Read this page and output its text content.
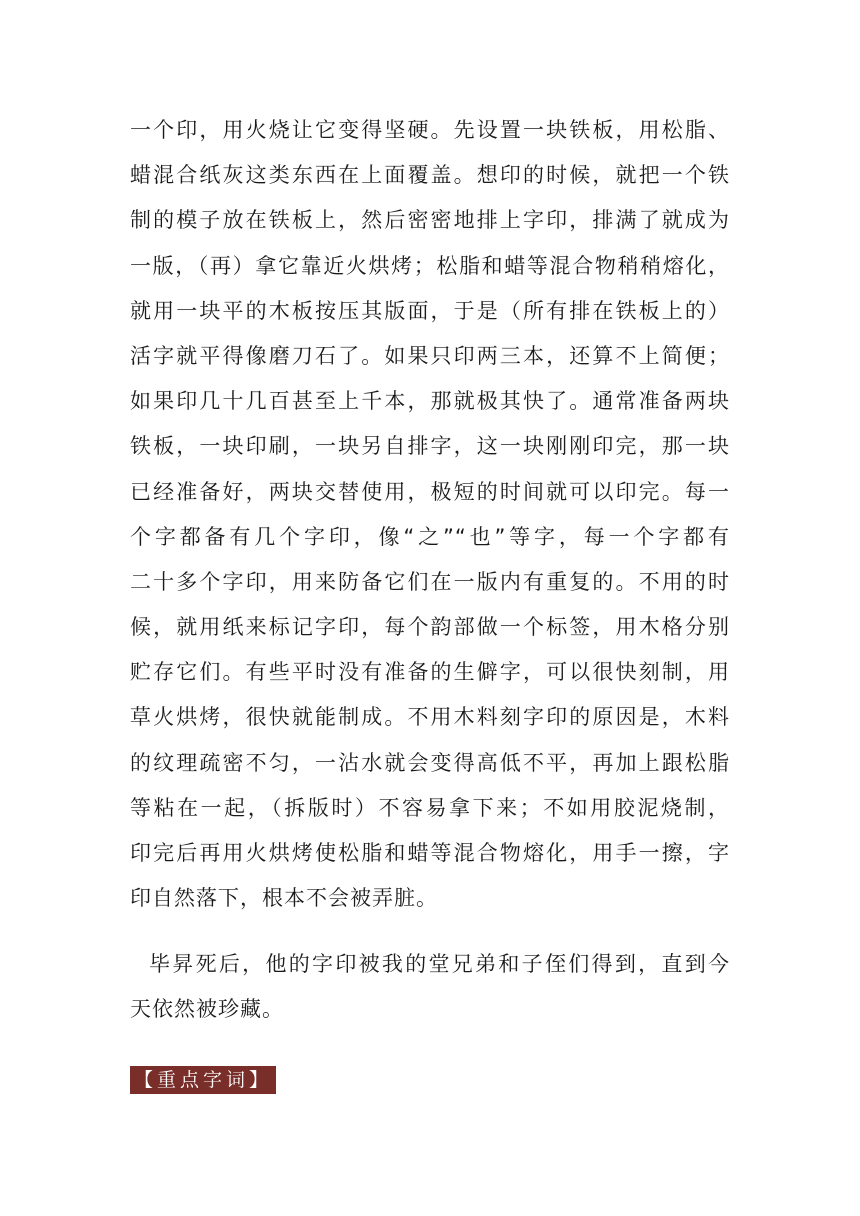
一个印，用火烧让它变得坚硬。先设置一块铁板，用松脂、
蜡混合纸灰这类东西在上面覆盖。想印的时候，就把一个铁
制的模子放在铁板上，然后密密地排上字印，排满了就成为
一版，（再）拿它靠近火烘烤；松脂和蜡等混合物稍稍熔化，
就用一块平的木板按压其版面，于是（所有排在铁板上的）
活字就平得像磨刀石了。如果只印两三本，还算不上简便；
如果印几十几百甚至上千本，那就极其快了。通常准备两块
铁板，一块印刷，一块另自排字，这一块刚刚印完，那一块
已经准备好，两块交替使用，极短的时间就可以印完。每一
个字都备有几个字印，像“之”“也”等字，每一个字都有
二十多个字印，用来防备它们在一版内有重复的。不用的时
候，就用纸来标记字印，每个韵部做一个标签，用木格分别
贮存它们。有些平时没有准备的生僻字，可以很快刻制，用
草火烘烤，很快就能制成。不用木料刻字印的原因是，木料
的纹理疏密不匀，一沾水就会变得高低不平，再加上跟松脂
等粘在一起，（拆版时）不容易拿下来；不如用胶泥烧制，
印完后再用火烘烤使松脂和蜡等混合物熔化，用手一擦，字
印自然落下，根本不会被弄脏。
毕昇死后，他的字印被我的堂兄弟和子侄们得到，直到今
天依然被珍藏。
【重点字词】
